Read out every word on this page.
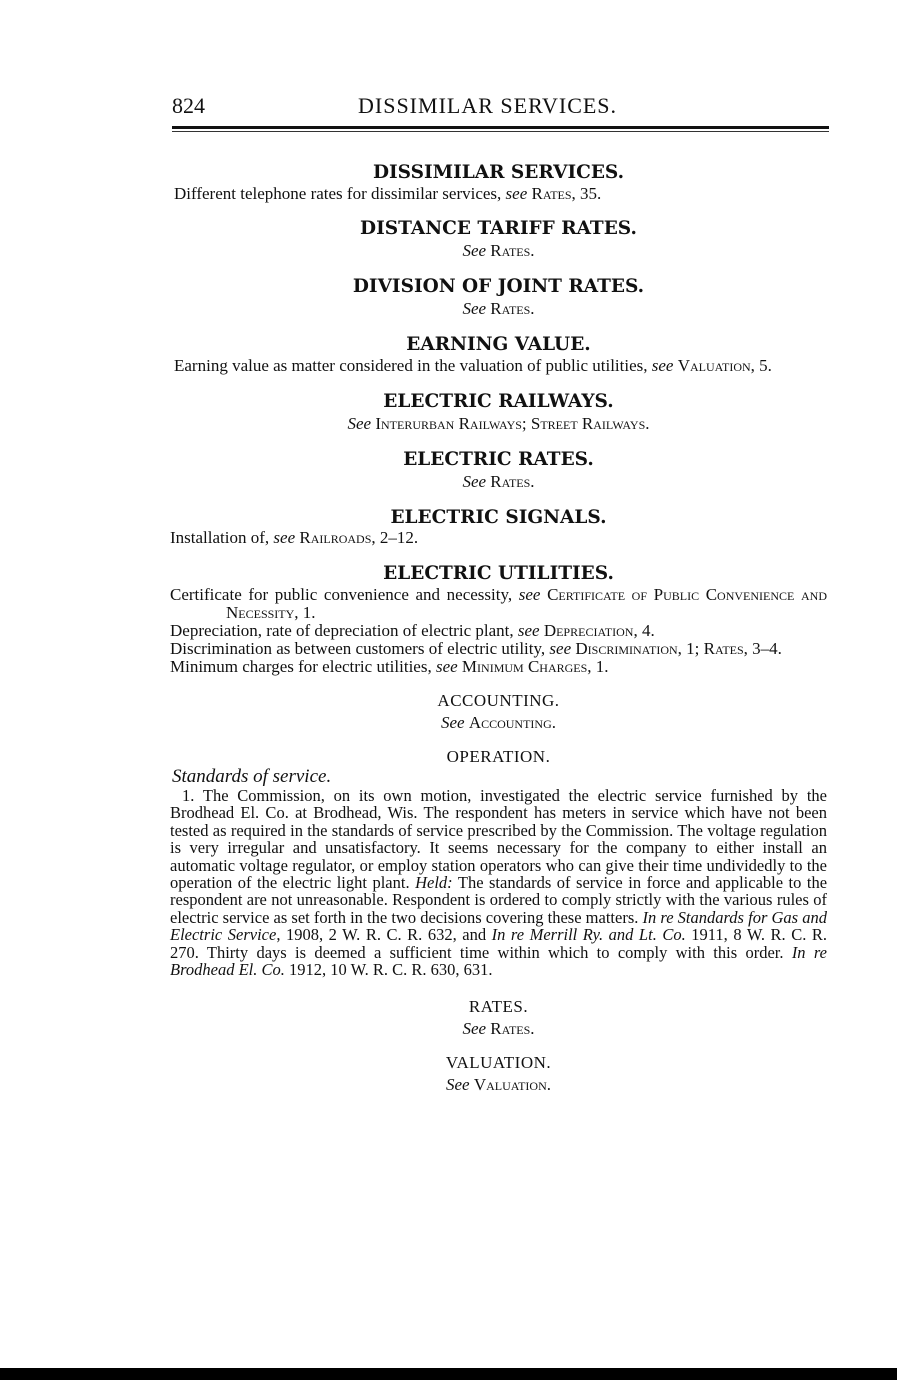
824	DISSIMILAR SERVICES.

DISSIMILAR SERVICES.

Different telephone rates for dissimilar services, see Rates, 35.

DISTANCE TARIFF RATES.

See Rates.

DIVISION OF JOINT RATES.

See Rates.

EARNING VALUE.

Earning value as matter considered in the valuation of public utilities, see Valuation, 5.

ELECTRIC RAILWAYS.

See Interurban Railways; Street Railways.

ELECTRIC RATES.

See Rates.

ELECTRIC SIGNALS.

Installation of, see Railroads, 2–12.

ELECTRIC UTILITIES.

Certificate for public convenience and necessity, see Certificate of Public Convenience and Necessity, 1.

Depreciation, rate of depreciation of electric plant, see Depreciation, 4.

Discrimination as between customers of electric utility, see Discrimination, 1; Rates, 3–4.

Minimum charges for electric utilities, see Minimum Charges, 1.

ACCOUNTING.

See Accounting.

OPERATION.

Standards of service.

1. The Commission, on its own motion, investigated the electric service furnished by the Brodhead El. Co. at Brodhead, Wis. The respondent has meters in service which have not been tested as required in the standards of service prescribed by the Commission. The voltage regulation is very irregular and unsatisfactory. It seems necessary for the company to either install an automatic voltage regulator, or employ station operators who can give their time undividedly to the operation of the electric light plant. Held: The standards of service in force and applicable to the respondent are not unreasonable. Respondent is ordered to comply strictly with the various rules of electric service as set forth in the two decisions covering these matters. In re Standards for Gas and Electric Service, 1908, 2 W. R. C. R. 632, and In re Merrill Ry. and Lt. Co. 1911, 8 W. R. C. R. 270. Thirty days is deemed a sufficient time within which to comply with this order. In re Brodhead El. Co. 1912, 10 W. R. C. R. 630, 631.

RATES.

See Rates.

VALUATION.

See Valuation.
